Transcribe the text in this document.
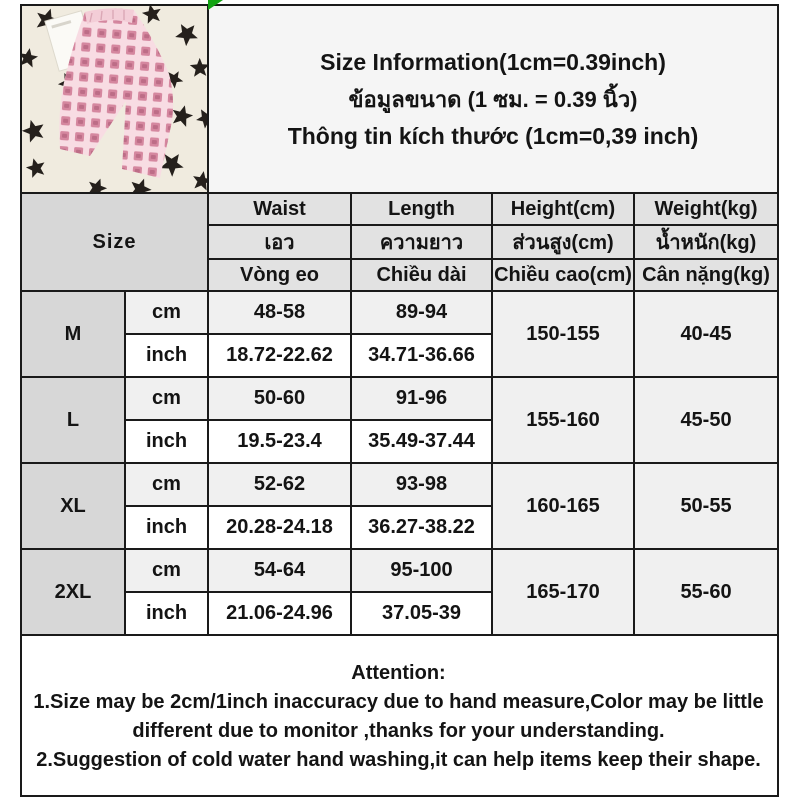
Size Information(1cm=0.39inch)
ข้อมูลขนาด (1 ซม. = 0.39 นิ้ว)
Thông tin kích thước (1cm=0,39 inch)			

Size		Waist	Length	Height(cm)	Weight(kg)
		เอว	ความยาว	ส่วนสูง(cm)	น้ำหนัก(kg)
		Vòng eo	Chiều dài	Chiều cao(cm)	Cân nặng(kg)
M	cm	48-58	89-94	150-155	40-45
	inch	18.72-22.62	34.71-36.66		
L	cm	50-60	91-96	155-160	45-50
	inch	19.5-23.4	35.49-37.44		
XL	cm	52-62	93-98	160-165	50-55
	inch	20.28-24.18	36.27-38.22		
2XL	cm	54-64	95-100	165-170	55-60
	inch	21.06-24.96	37.05-39		

Attention:
1.Size may be 2cm/1inch inaccuracy due to hand measure,Color may be little different due to monitor ,thanks for your understanding.
2.Suggestion of cold water hand washing,it can help items keep their shape.					
